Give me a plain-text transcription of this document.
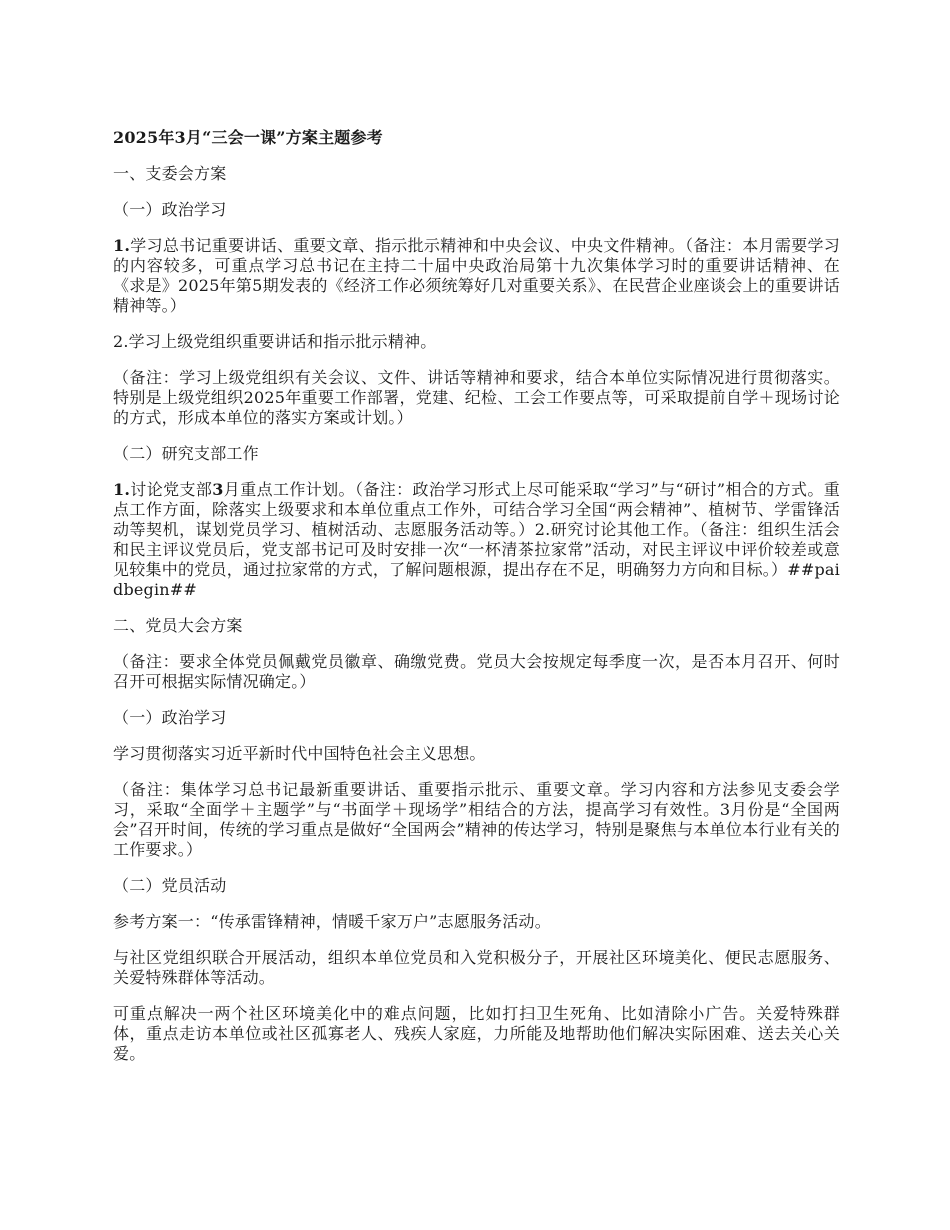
2025年3月“三会一课”方案主题参考

一、支委会方案

（一）政治学习

1.学习总书记重要讲话、重要文章、指示批示精神和中央会议、中央文件精神。（备注：本月需要学习的内容较多，可重点学习总书记在主持二十届中央政治局第十九次集体学习时的重要讲话精神、在《求是》2025年第5期发表的《经济工作必须统筹好几对重要关系》、在民营企业座谈会上的重要讲话精神等。）

2.学习上级党组织重要讲话和指示批示精神。

（备注：学习上级党组织有关会议、文件、讲话等精神和要求，结合本单位实际情况进行贯彻落实。特别是上级党组织2025年重要工作部署，党建、纪检、工会工作要点等，可采取提前自学＋现场讨论的方式，形成本单位的落实方案或计划。）

（二）研究支部工作

1.讨论党支部3月重点工作计划。（备注：政治学习形式上尽可能采取“学习”与“研讨”相合的方式。重点工作方面，除落实上级要求和本单位重点工作外，可结合学习全国“两会精神”、植树节、学雷锋活动等契机，谋划党员学习、植树活动、志愿服务活动等。）2.研究讨论其他工作。（备注：组织生活会和民主评议党员后，党支部书记可及时安排一次“一杯清茶拉家常”活动，对民主评议中评价较差或意见较集中的党员，通过拉家常的方式，了解问题根源，提出存在不足，明确努力方向和目标。）##paidbegin##

二、党员大会方案

（备注：要求全体党员佩戴党员徽章、确缴党费。党员大会按规定每季度一次，是否本月召开、何时召开可根据实际情况确定。）

（一）政治学习

学习贯彻落实习近平新时代中国特色社会主义思想。

（备注：集体学习总书记最新重要讲话、重要指示批示、重要文章。学习内容和方法参见支委会学习，采取“全面学＋主题学”与“书面学＋现场学”相结合的方法，提高学习有效性。3月份是“全国两会”召开时间，传统的学习重点是做好“全国两会”精神的传达学习，特别是聚焦与本单位本行业有关的工作要求。）

（二）党员活动

参考方案一：“传承雷锋精神，情暖千家万户”志愿服务活动。

与社区党组织联合开展活动，组织本单位党员和入党积极分子，开展社区环境美化、便民志愿服务、关爱特殊群体等活动。

可重点解决一两个社区环境美化中的难点问题，比如打扫卫生死角、比如清除小广告。关爱特殊群体，重点走访本单位或社区孤寡老人、残疾人家庭，力所能及地帮助他们解决实际困难、送去关心关爱。
